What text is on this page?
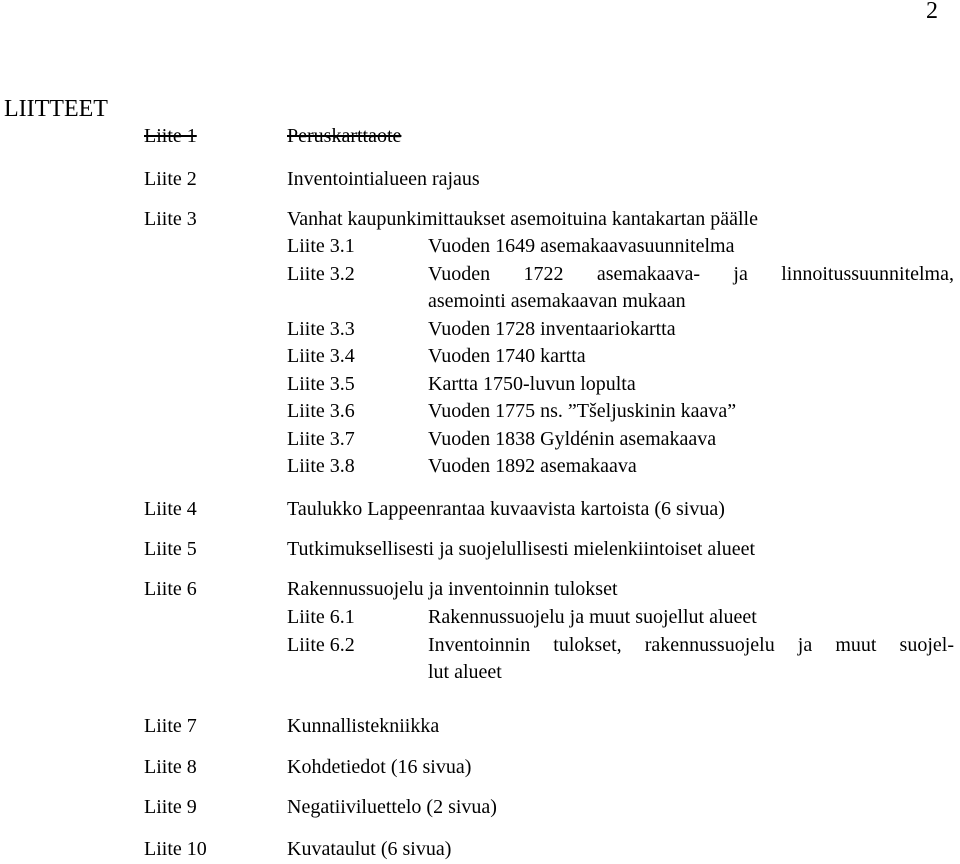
2
LIITTEET
Liite 1	Peruskarttaote
Liite 2	Inventointialueen rajaus
Liite 3	Vanhat kaupunkimittaukset asemoituina kantakartan päälle
Liite 3.1	Vuoden 1649 asemakaavasuunnitelma
Liite 3.2	Vuoden 1722 asemakaava- ja linnoitussuunnitelma,
asemointi asemakaavan mukaan
Liite 3.3	Vuoden 1728 inventaariokartta
Liite 3.4	Vuoden 1740 kartta
Liite 3.5	Kartta 1750-luvun lopulta
Liite 3.6	Vuoden 1775 ns. ”Tšeljuskinin kaava”
Liite 3.7	Vuoden 1838 Gyldénin asemakaava
Liite 3.8	Vuoden 1892 asemakaava
Liite 4	Taulukko Lappeenrantaa kuvaavista kartoista (6 sivua)
Liite 5	Tutkimuksellisesti ja suojelullisesti mielenkiintoiset alueet
Liite 6	Rakennussuojelu ja inventoinnin tulokset
Liite 6.1	Rakennussuojelu ja muut suojellut alueet
Liite 6.2	Inventoinnin tulokset, rakennussuojelu ja muut suojel-
lut alueet
Liite 7	Kunnallistekniikka
Liite 8	Kohdetiedot (16 sivua)
Liite 9	Negatiiviluettelo (2 sivua)
Liite 10	Kuvataulut (6 sivua)
